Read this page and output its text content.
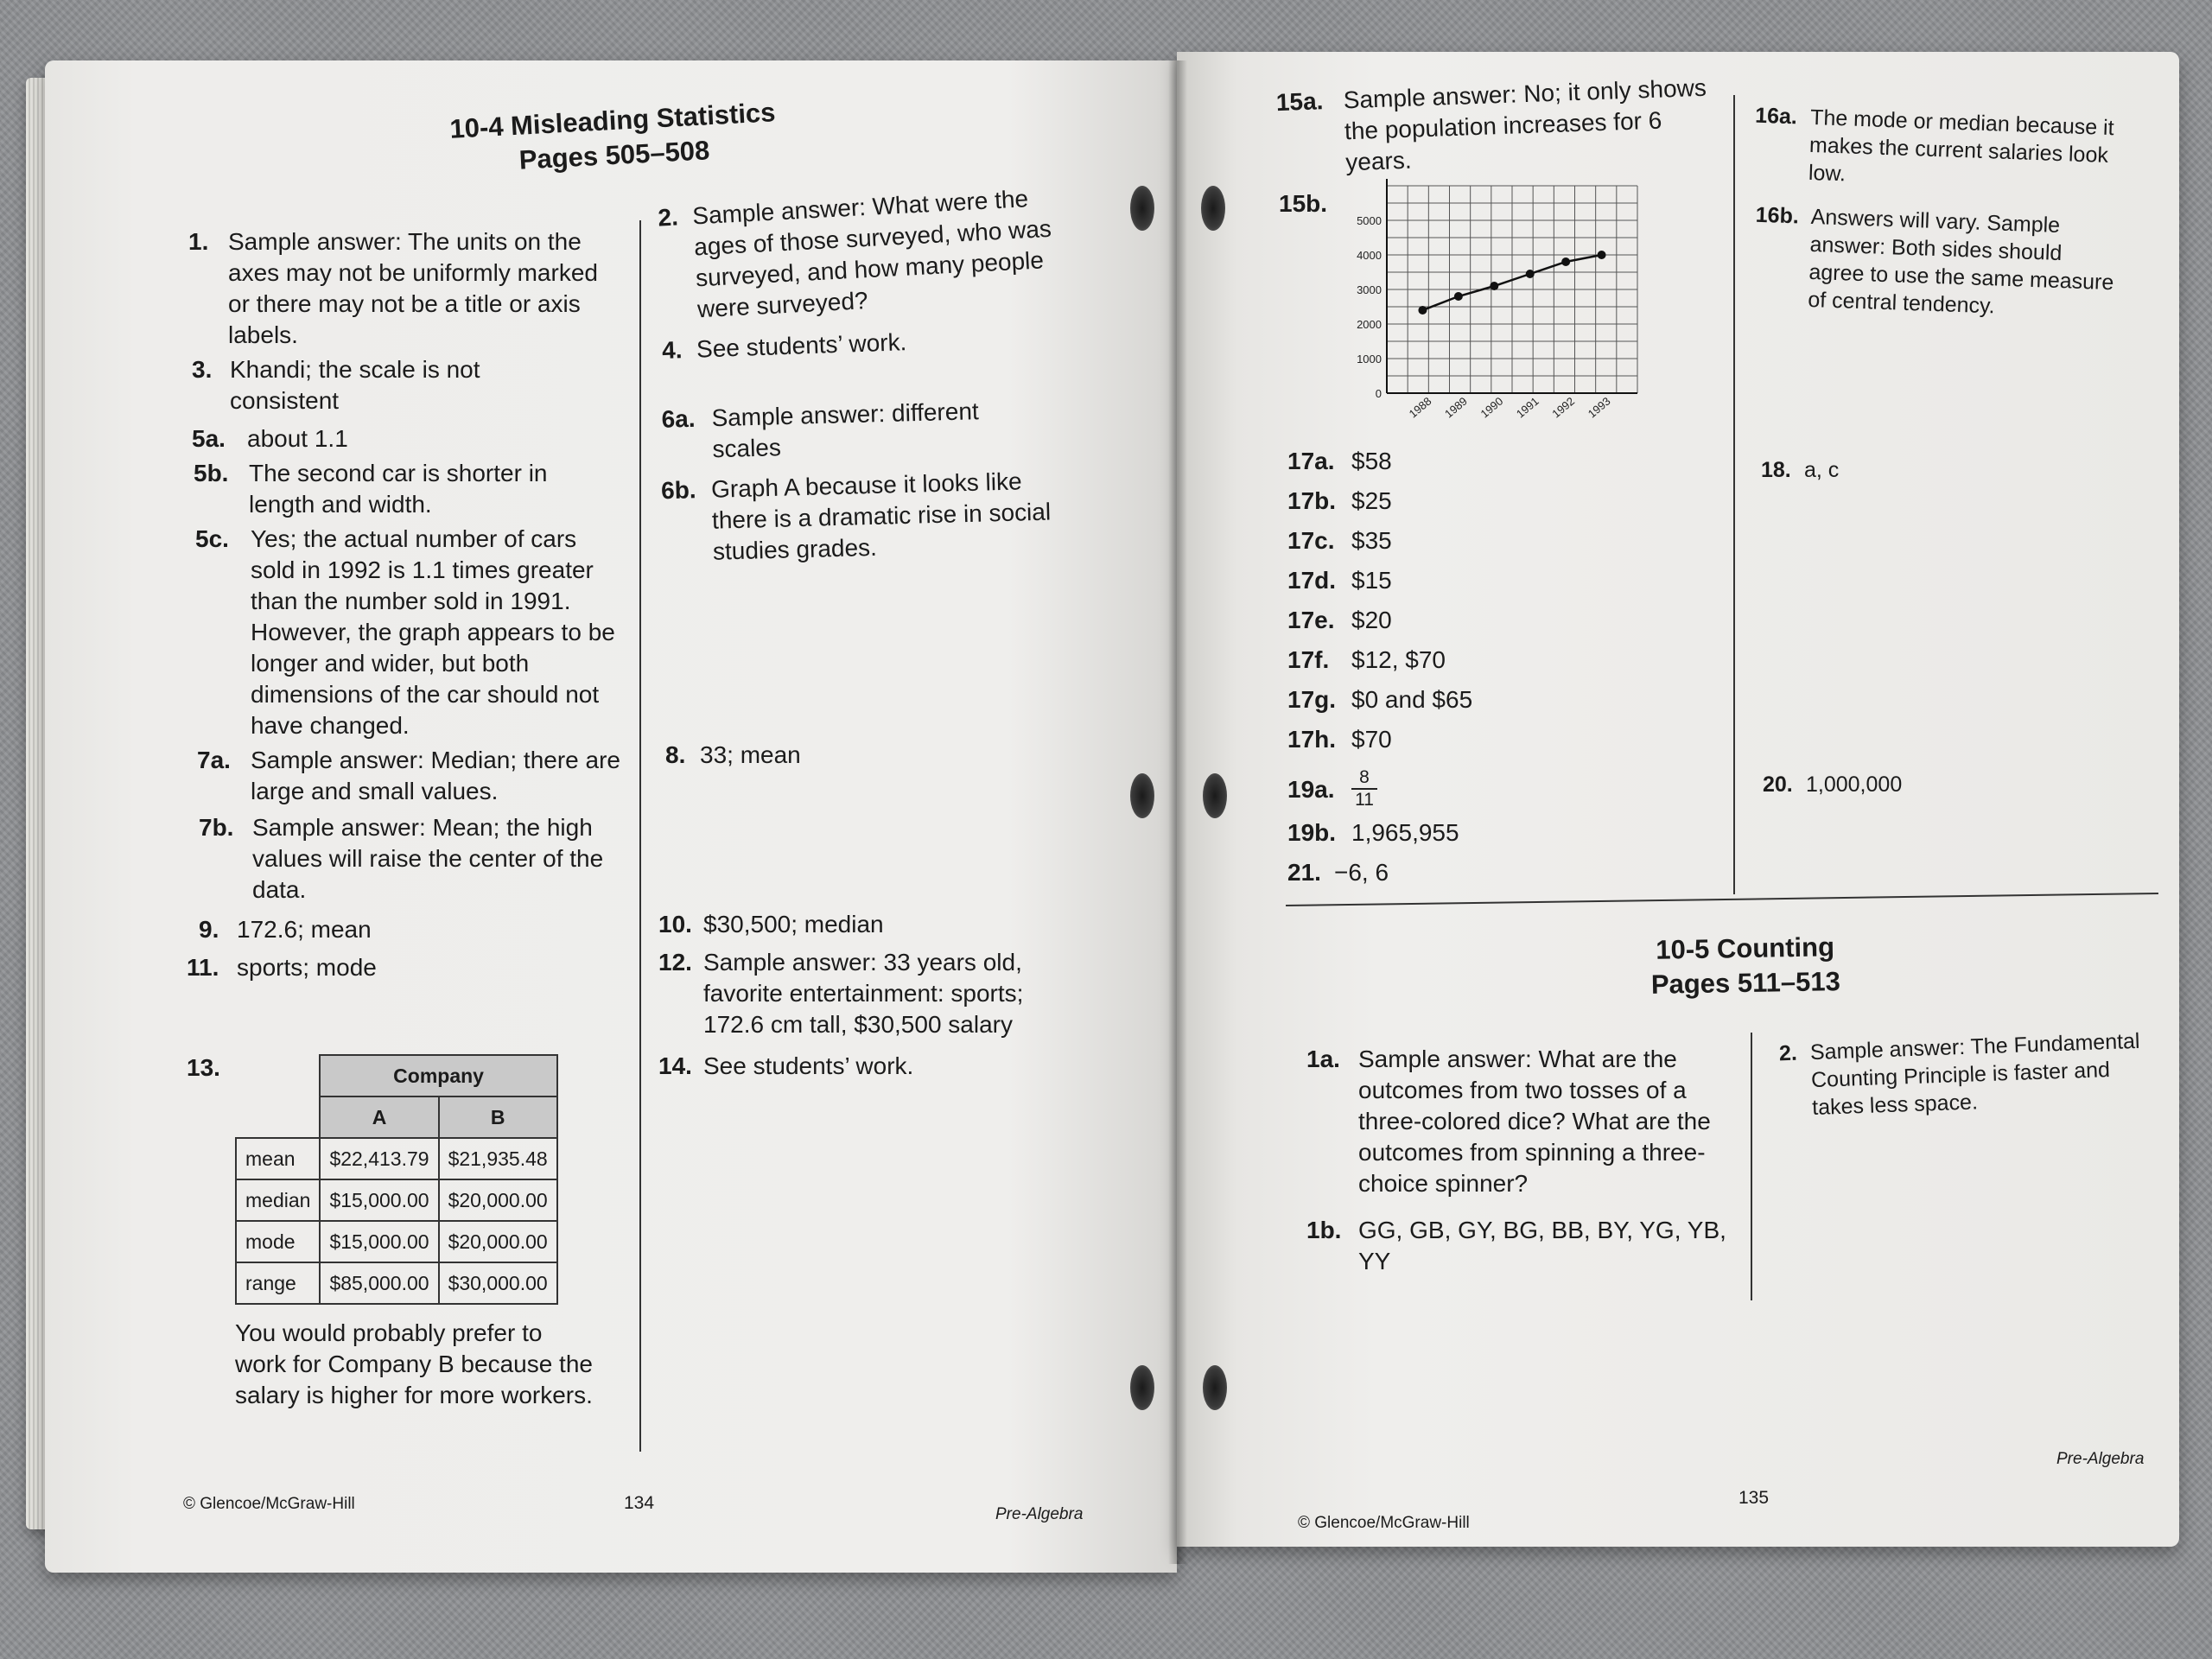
10-4 Misleading Statistics
Pages 505–508
1. Sample answer: The units on the axes may not be uniformly marked or there may not be a title or axis labels.
3. Khandi; the scale is not consistent
5a. about 1.1
5b. The second car is shorter in length and width.
5c. Yes; the actual number of cars sold in 1992 is 1.1 times greater than the number sold in 1991. However, the graph appears to be longer and wider, but both dimensions of the car should not have changed.
7a. Sample answer: Median; there are large and small values.
7b. Sample answer: Mean; the high values will raise the center of the data.
9. 172.6; mean
11. sports; mode
13.
		Company	
	A	B
mean	$22,413.79	$21,935.48
median	$15,000.00	$20,000.00
mode	$15,000.00	$20,000.00
range	$85,000.00	$30,000.00
You would probably prefer to work for Company B because the salary is higher for more workers.
2. Sample answer: What were the ages of those surveyed, who was surveyed, and how many people were surveyed?
4. See students’ work.
6a. Sample answer: different scales
6b. Graph A because it looks like there is a dramatic rise in social studies grades.
8. 33; mean
10. $30,500; median
12. Sample answer: 33 years old, favorite entertainment: sports; 172.6 cm tall, $30,500 salary
14. See students’ work.
© Glencoe/McGraw-Hill	134
Pre-Algebra
15a. Sample answer: No; it only shows the population increases for 6 years.
15b.
0
1000
2000
3000
4000
5000
1988 1989 1990 1991 1992 1993
17a. $58
17b. $25
17c. $35
17d. $15
17e. $20
17f. $12, $70
17g. $0 and $65
17h. $70
19a. $\frac{8}{11}$
19b. 1,965,955
21. −6, 6
16a. The mode or median because it makes the current salaries look low.
16b. Answers will vary. Sample answer: Both sides should agree to use the same measure of central tendency.
18. a, c
20. 1,000,000
10-5 Counting
Pages 511–513
1a. Sample answer: What are the outcomes from two tosses of a three-colored dice? What are the outcomes from spinning a three-choice spinner?
1b. GG, GB, GY, BG, BB, BY, YG, YB, YY
2. Sample answer: The Fundamental Counting Principle is faster and takes less space.
© Glencoe/McGraw-Hill
135
Pre-Algebra
